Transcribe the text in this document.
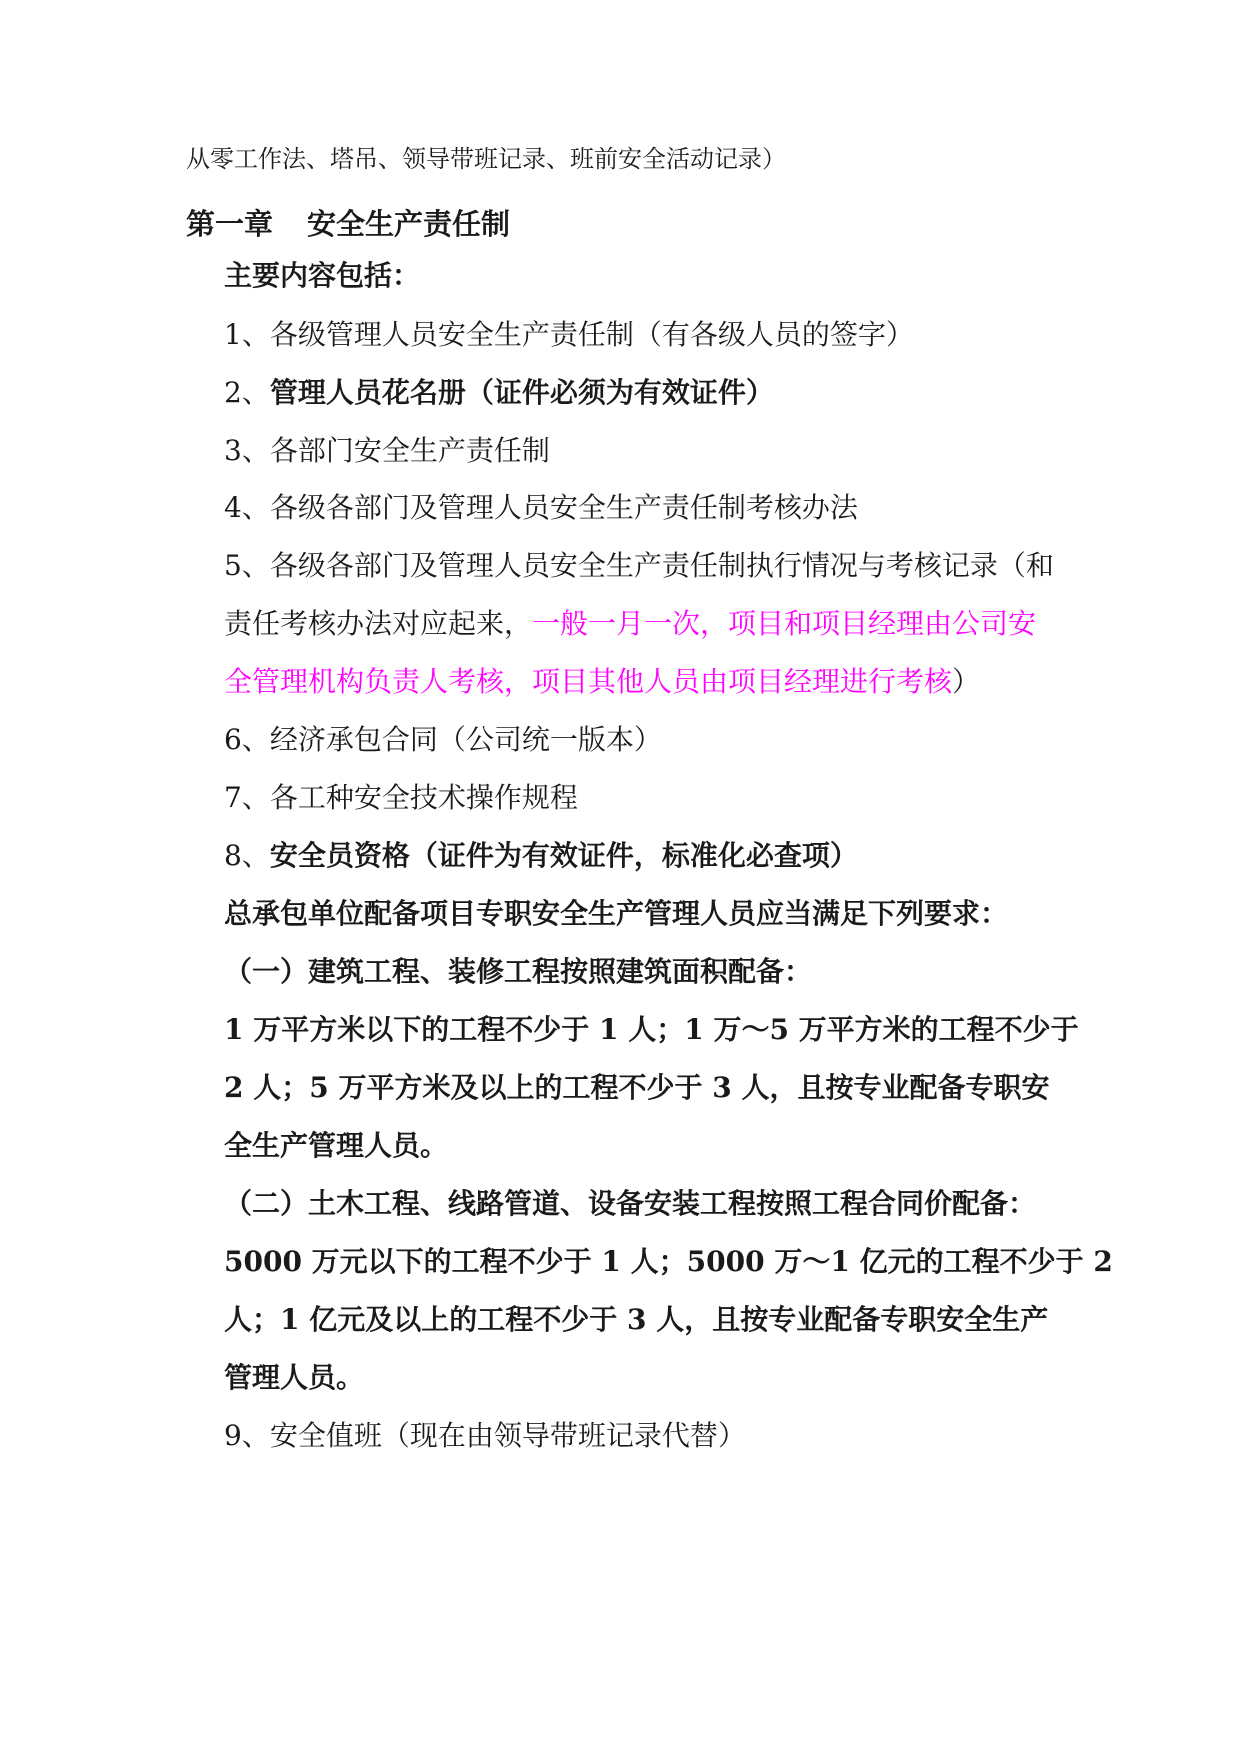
从零工作法、塔吊、领导带班记录、班前安全活动记录）
第一章 安全生产责任制
主要内容包括：
1、各级管理人员安全生产责任制（有各级人员的签字）
2、管理人员花名册（证件必须为有效证件）
3、各部门安全生产责任制
4、各级各部门及管理人员安全生产责任制考核办法
5、各级各部门及管理人员安全生产责任制执行情况与考核记录（和
责任考核办法对应起来，一般一月一次，项目和项目经理由公司安
全管理机构负责人考核，项目其他人员由项目经理进行考核）
6、经济承包合同（公司统一版本）
7、各工种安全技术操作规程
8、安全员资格（证件为有效证件，标准化必查项）
总承包单位配备项目专职安全生产管理人员应当满足下列要求：
（一）建筑工程、装修工程按照建筑面积配备：
1 万平方米以下的工程不少于 1 人；1 万～5 万平方米的工程不少于
2 人；5 万平方米及以上的工程不少于 3 人，且按专业配备专职安
全生产管理人员。
（二）土木工程、线路管道、设备安装工程按照工程合同价配备：
5000 万元以下的工程不少于 1 人；5000 万～1 亿元的工程不少于 2
人；1 亿元及以上的工程不少于 3 人，且按专业配备专职安全生产
管理人员。
9、安全值班（现在由领导带班记录代替）
